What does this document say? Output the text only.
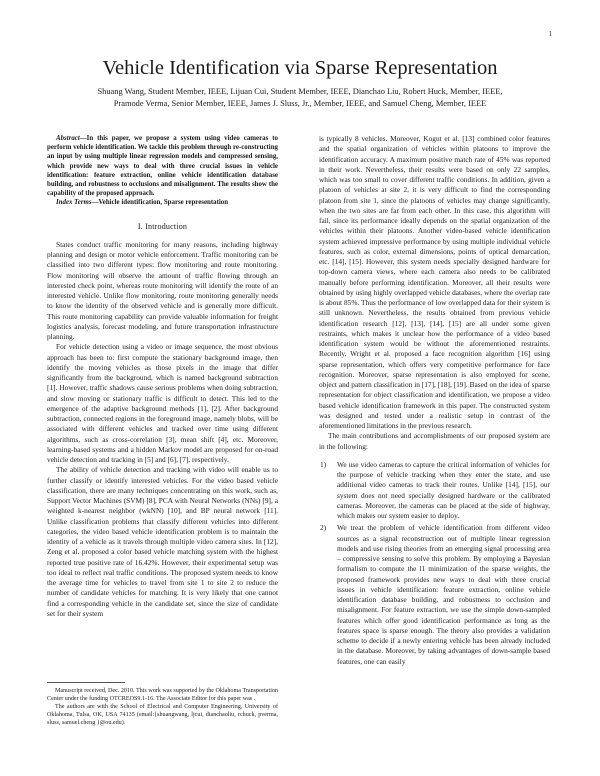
1
Vehicle Identification via Sparse Representation
Shuang Wang, Student Member, IEEE, Lijuan Cui, Student Member, IEEE, Dianchao Liu, Robert Huck, Member, IEEE,
Pramode Verma, Senior Member, IEEE, James J. Sluss, Jr., Member, IEEE, and Samuel Cheng, Member, IEEE

Abstract—In this paper, we propose a system using video cameras to perform vehicle identification. We tackle this problem through re-constructing an input by using multiple linear regression models and compressed sensing, which provide new ways to deal with three crucial issues in vehicle identification: feature extraction, online vehicle identification database building, and robustness to occlusions and misalignment. The results show the capability of the proposed approach.

Index Terms—Vehicle identification, Sparse representation

I. Introduction

States conduct traffic monitoring for many reasons, including highway planning and design or motor vehicle enforcement. Traffic monitoring can be classified into two different types: flow monitoring and route monitoring. Flow monitoring will observe the amount of traffic flowing through an interested check point, whereas route monitoring will identify the route of an interested vehicle. Unlike flow monitoring, route monitoring generally needs to know the identity of the observed vehicle and is generally more difficult. This route monitoring capability can provide valuable information for freight logistics analysis, forecast modeling, and future transportation infrastructure planning.

For vehicle detection using a video or image sequence, the most obvious approach has been to: first compute the stationary background image, then identify the moving vehicles as those pixels in the image that differ significantly from the background, which is named background subtraction [1]. However, traffic shadows cause serious problems when doing subtraction, and slow moving or stationary traffic is difficult to detect. This led to the emergence of the adaptive background methods [1], [2]. After background subtraction, connected regions in the foreground image, namely blobs, will be associated with different vehicles and tracked over time using different algorithms, such as cross-correlation [3], mean shift [4], etc. Moreover, learning-based systems and a hidden Markov model are proposed for on-road vehicle detection and tracking in [5] and [6], [7], respectively.

The ability of vehicle detection and tracking with video will enable us to further classify or identify interested vehicles. For the video based vehicle classification, there are many techniques concentrating on this work, such as, Support Vector Machines (SVM) [8], PCA with Neural Networks (NNs) [9], a weighted k-nearest neighbor (wkNN) [10], and BP neural network [11]. Unlike classification problems that classify different vehicles into different categories, the video based vehicle identification problem is to maintain the identity of a vehicle as it travels through multiple video camera sites. In [12], Zeng et al. proposed a color based vehicle matching system with the highest reported true positive rate of 16.42%. However, their experimental setup was too ideal to reflect real traffic conditions. The proposed system needs to know the average time for vehicles to travel from site 1 to site 2 to reduce the number of candidate vehicles for matching. It is very likely that one cannot find a corresponding vehicle in the candidate set, since the size of candidate set for their system

Manuscript received, Dec. 2010. This work was supported by the Oklahoma Transportation Center under the funding OTCREOS9.1-16. The Associate Editor for this paper was .

The authors are with the School of Electrical and Computer Engineering, University of Oklahoma, Tulsa, OK, USA 74135 (email:{shuangwang, ljcui, dianchaoliu, rchuck, pverma, sluss, samuel.cheng }@ou.edu).

is typically 8 vehicles. Moreover, Kogut et al. [13] combined color features and the spatial organization of vehicles within platoons to improve the identification accuracy. A maximum positive match rate of 45% was reported in their work. Nevertheless, their results were based on only 22 samples, which was too small to cover different traffic conditions. In addition, given a platoon of vehicles at site 2, it is very difficult to find the corresponding platoon from site 1, since the platoons of vehicles may change significantly, when the two sites are far from each other. In this case, this algorithm will fail, since its performance ideally depends on the spatial organization of the vehicles within their platoons. Another video-based vehicle identification system achieved impressive performance by using multiple individual vehicle features, such as color, external dimensions, points of optical demarcation, etc. [14], [15]. However, this system needs specially designed hardware for top-down camera views, where each camera also needs to be calibrated manually before performing identification. Moreover, all their results were obtained by using highly overlapped vehicle databases, where the overlap rate is about 85%. Thus the performance of low overlapped data for their system is still unknown. Nevertheless, the results obtained from previous vehicle identification research [12], [13], [14], [15] are all under some given restraints, which makes it unclear how the performance of a video based identification system would be without the aforementioned restraints. Recently, Wright et al. proposed a face recognition algorithm [16] using sparse representation, which offers very competitive performance for face recognition. Moreover, sparse representation is also employed for scene, object and pattern classification in [17], [18], [19]. Based on the idea of sparse representation for object classification and identification, we propose a video based vehicle identification framework in this paper. The constructed system was designed and tested under a realistic setup in contrast of the aforementioned limitations in the previous research.

The main contributions and accomplishments of our proposed system are in the following:

1) We use video cameras to capture the critical information of vehicles for the purpose of vehicle tracking when they enter the state, and use additional video cameras to track their routes. Unlike [14], [15], our system does not need specially designed hardware or the calibrated cameras. Moreover, the cameras can be placed at the side of highway, which makes our system easier to deploy.
2) We treat the problem of vehicle identification from different video sources as a signal reconstruction out of multiple linear regression models and use rising theories from an emerging signal processing area – compressive sensing to solve this problem. By employing a Bayesian formalism to compute the l1 minimization of the sparse weights, the proposed framework provides new ways to deal with three crucial issues in vehicle identification: feature extraction, online vehicle identification database building, and robustness to occlusion and misalignment. For feature extraction, we use the simple down-sampled features which offer good identification performance as long as the features space is sparse enough. The theory also provides a validation scheme to decide if a newly entering vehicle has been already included in the database. Moreover, by taking advantages of down-sample based features, one can easily
